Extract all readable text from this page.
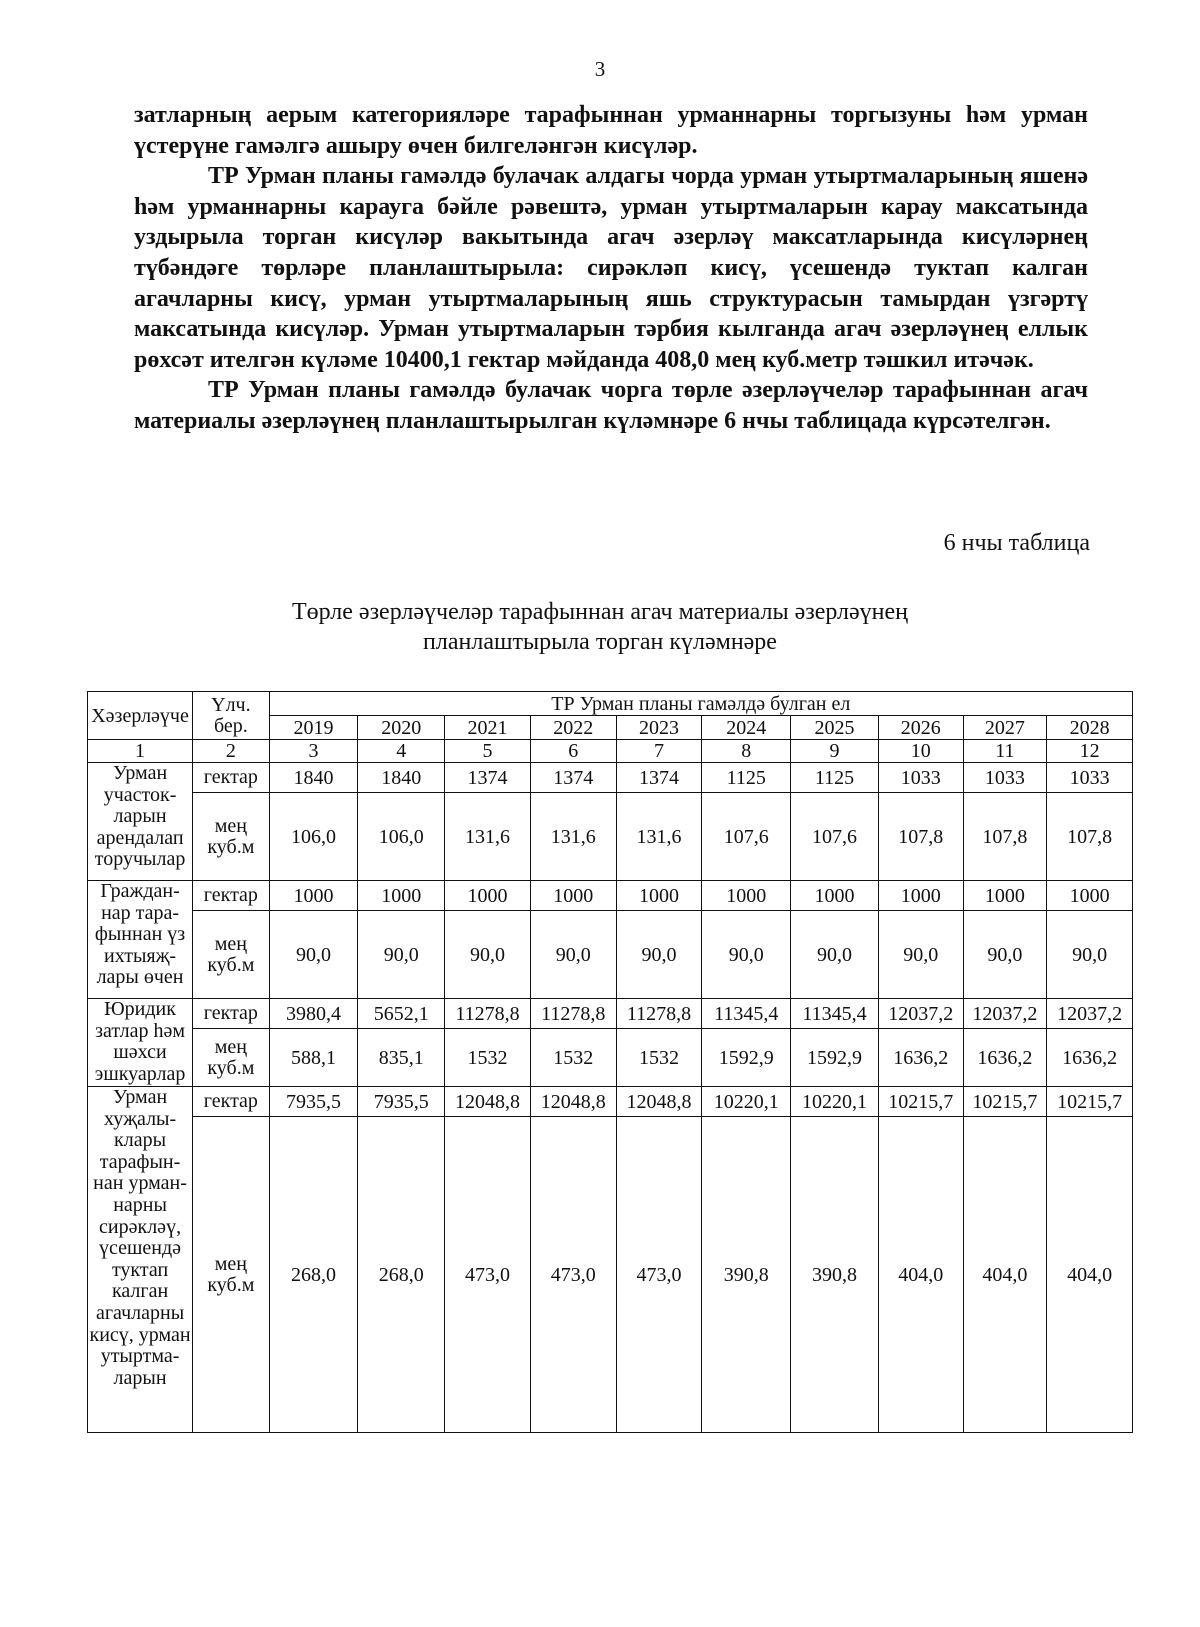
3

затларның аерым категорияләре тарафыннан урманнарны торгызуны һәм урман үстерүне гамәлгә ашыру өчен билгеләнгән кисүләр.

ТР Урман планы гамәлдә булачак алдагы чорда урман утыртмаларының яшенә һәм урманнарны карауга бәйле рәвештә, урман утыртмаларын карау максатында уздырыла торган кисүләр вакытында агач әзерләү максатларында кисүләрнең түбәндәге төрләре планлаштырыла: сирәкләп кисү, үсешендә туктап калган агачларны кисү, урман утыртмаларының яшь структурасын тамырдан үзгәртү максатында кисүләр. Урман утыртмаларын тәрбия кылганда агач әзерләүнең еллык рөхсәт ителгән күләме 10400,1 гектар мәйданда 408,0 мең куб.метр тәшкил итәчәк.

ТР Урман планы гамәлдә булачак чорга төрле әзерләүчеләр тарафыннан агач материалы әзерләүнең планлаштырылган күләмнәре 6 нчы таблицада күрсәтелгән.

6 нчы таблица
Төрле әзерләүчеләр тарафыннан агач материалы әзерләүнең
планлаштырыла торган күләмнәре
Хәзерләүче	Үлч. бер.	ТР Урман планы гамәлдә булган ел									
		2019	2020	2021	2022	2023	2024	2025	2026	2027	2028
1	2	3	4	5	6	7	8	9	10	11	12
Урман участок-ларын арендалап торучылар	гектар	1840	1840	1374	1374	1374	1125	1125	1033	1033	1033
	мең куб.м	106,0	106,0	131,6	131,6	131,6	107,6	107,6	107,8	107,8	107,8
Граждан-нар тара-фыннан үз ихтыяҗ-лары өчен	гектар	1000	1000	1000	1000	1000	1000	1000	1000	1000	1000
	мең куб.м	90,0	90,0	90,0	90,0	90,0	90,0	90,0	90,0	90,0	90,0
Юридик затлар һәм шәхси эшкуарлар	гектар	3980,4	5652,1	11278,8	11278,8	11278,8	11345,4	11345,4	12037,2	12037,2	12037,2
	мең куб.м	588,1	835,1	1532	1532	1532	1592,9	1592,9	1636,2	1636,2	1636,2
Урман хуҗалы-клары тарафын-нан урман-нарны сирәкләү, үсешендә туктап калган агачларны кисү, урман утыртма-ларын	гектар	7935,5	7935,5	12048,8	12048,8	12048,8	10220,1	10220,1	10215,7	10215,7	10215,7
	мең куб.м	268,0	268,0	473,0	473,0	473,0	390,8	390,8	404,0	404,0	404,0
